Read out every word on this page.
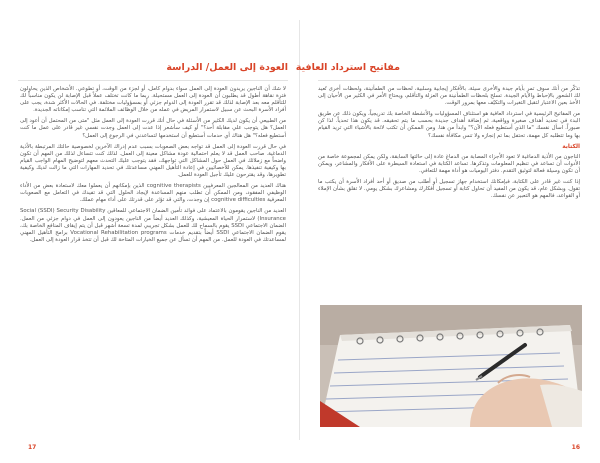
العودة إلى العمل/ الدراسة

لا شك أن الناجين يريدون العودة إلى العمل سواء بدوام كامل، أو لجزء من الوقت، أو تطوعي. الأشخاص الذين يحاولون فترة نقاهة أطول قد يطلبون أن العودة إلى العمل مستحيلة. ربما ما كانت تختلف عملاً قبل الإصابة لن يكون مناسباً لك للتأقلم معه بعد الإصابة لذلك قد تقرر العودة إلى الدوام جزئي أو بمسؤوليات مختلفة. في الحالات الأكثر شدة، يجب على أفراد الأسرة البحث عن سبيل لاستمرار المريض في عمله من خلال الوظائف الملائمة التي تناسب إمكاناته الجديدة.

من الطبيعي أن يكون لديك الكثير من الأسئلة في حال أنك قررت العودة إلى العمل مثل "متى من المحتمل أن أعود إلى العمل؟ هل يتوجب علي مقابلة أحد؟" أو كيف سأشعر إذا عدت إلى العمل وجدت نفسي غير قادر على عمل ما كنت أستطيع فعله؟" هل هناك أي حدمات أستطيع أن استخدمها لتساعدني في الرجوع إلى العمل؟

في حال قررت العودة إلى العمل قد تواجه بعض الصعوبات بسبب عدم إدراك الآخرين لخصوصية حالتك المرتبطة بالأذية الدماغية. صاحب العمل قد لا يعلم احتمالية عودة مشاكل معينة إلى العمل. لذلك كنت تتساءل لذلك من المهم أن تكون واضحاً مع زملائك في العمل حول المشاكل التي تواجهك، فقد يتوجب عليك التحدث معهم لتوضيح المهام الواجب القيام بها وكيفية تنفيذها. يمكن للأخصائيين في إعادة التأهيل المهني مساعدتك في تحديد المهارات التي ما زالت لديك وكيفية تطويرها، وقد يقترحون عليك تأجيل العودة للعمل.

هناك العديد من المعالجين المعرفيين cognitive therapists الذين بإمكانهم أن يعملوا معك لاستعادة بعض من الأداء الوظيفي المفقود، ومن الممكن أن تطلب منهم المساعدة لإيجاد الحلول التي قد تفيدك في التعامل مع الصعوبات المعرفية cognitive difficulties إن وجدت، والتي قد تؤثر على قدرتك على أداء مهام عملك.

العديد من الناجين يقومون بالاعتماد على فوائد تأمين الضمان الاجتماعي للمعاقين Social (SSDI) Security Disability Insurance) لاستمرار الحياة المعيشية، وكذلك العديد أيضاً من الناجين يعودون إلى العمل في دوام جزئي من العمل. الضمان الاجتماعي SSDI يقوم بالسماح لك للعمل بشكل تجريبي لمدة تسعة أشهر قبل أن يتم إيقاف المنافع الخاصة بك، يقوم الضمان الاجتماعي SSDI أيضاً بتقديم خدمات Vocational Rehabilitation programs برامج التأهيل المهني لمساعدتك في العودة للعمل. من المهم أن تسأل عن جميع الخيارات المتاحة لك قبل أن تتخذ قرار العودة إلى العمل.

17
مفاتيح استرداد العافية

تذكّر من أنك سوف تمر بأيام جيدة والأخرى سيئة، بالأفكار إيجابية وسلبية، لحظات من الطمأنينة، ولحظات أخرى تُعيد لك الشعور بالإحباط والأيام الجيدة. تسلح بلحظات الطمأنينة من العزلة والتأقلم، ويحتاج الأمر في الكثير من الأحيان إلى الأخذ بعين الاعتبار لتقبل التغيرات والتكيّف معها بمرور الوقت.

من المفاتيح الرئيسية في استرداد العافية هو استئناف المسؤوليات والأنشطة الخاصة بك تدريجياً، ويكون ذلك عن طريق البدء في تحديد أهداف صغيرة وواقعية، ثم إضافة أهداف جديدة بحسب ما يتم تحقيقه. قد يكون هذا تحدياً. لذا كن صبوراً. اسأل نفسك "ما الذي أستطيع فعله الآن؟" وابدأ من هنا. ومن الممكن أن تكتب لائحة بالأشياء التي تريد القيام بها وما تتطلبه كل مهمة، تحتفل بما تم إنجازه ولا تنس مكافأة نفسك؟

الكتابة

الناجون من الأذية الدماغية لا تعود الأجزاء المصابة من الدماغ عادة إلى حالتها السابقة، ولكن يمكن لمجموعة خاصة من الأدوات أن تساعد في تنظيم المعلومات وتذكرها. تساعد الكتابة في استعادة السيطرة على الأفكار والمشاعر، ويمكن أن تكون وسيلة فعالة لتوثيق التقدم. دفتر اليوميات هو أداة مهمة للتعافي.

إذا كنت غير قادر على الكتابة، فبإمكانك استخدام جهاز تسجيل أو أطلب من صديق أو أحد أفراد الأسرة أن يكتب ما تقول. وبشكل عام، قد يكون من المفيد أن تحاول كتابة أو تسجيل أفكارك ومشاعرك بشكل يومي. لا تقلق بشأن الإملاء أو القواعد، فالمهم هو التعبير عن نفسك.

16
